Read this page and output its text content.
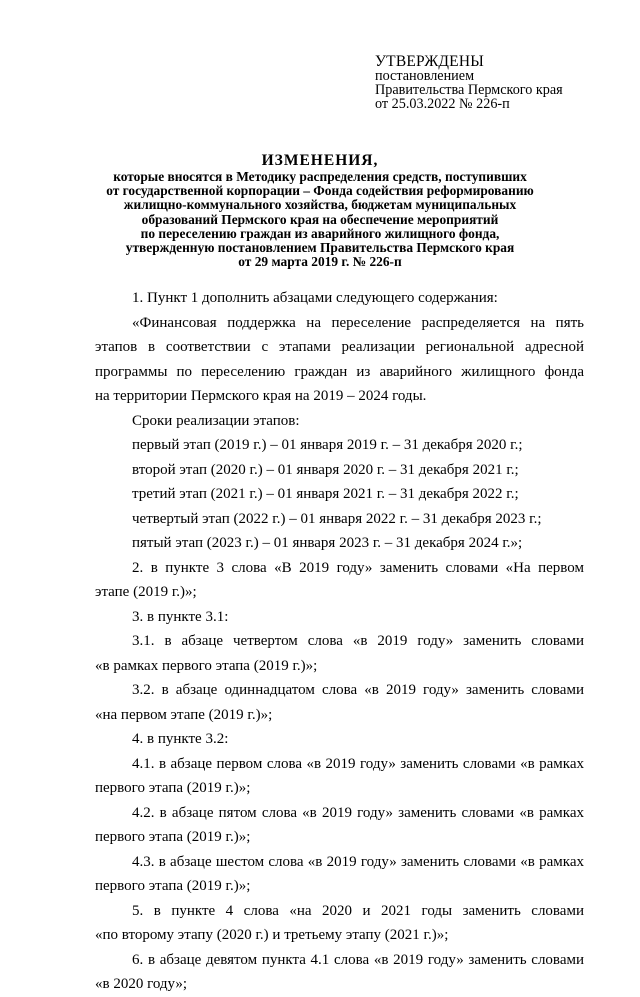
УТВЕРЖДЕНЫ
постановлением
Правительства Пермского края
от 25.03.2022 № 226-п
ИЗМЕНЕНИЯ,
которые вносятся в Методику распределения средств, поступивших
от государственной корпорации – Фонда содействия реформированию
жилищно-коммунального хозяйства, бюджетам муниципальных
образований Пермского края на обеспечение мероприятий
по переселению граждан из аварийного жилищного фонда,
утвержденную постановлением Правительства Пермского края
от 29 марта 2019 г. № 226-п
1. Пункт 1 дополнить абзацами следующего содержания:
«Финансовая поддержка на переселение распределяется на пять
этапов в соответствии с этапами реализации региональной адресной
программы по переселению граждан из аварийного жилищного фонда
на территории Пермского края на 2019 – 2024 годы.
Сроки реализации этапов:
первый этап (2019 г.) – 01 января 2019 г. – 31 декабря 2020 г.;
второй этап (2020 г.) – 01 января 2020 г. – 31 декабря 2021 г.;
третий этап (2021 г.) – 01 января 2021 г. – 31 декабря 2022 г.;
четвертый этап (2022 г.) – 01 января 2022 г. – 31 декабря 2023 г.;
пятый этап (2023 г.) – 01 января 2023 г. – 31 декабря 2024 г.»;
2. в пункте 3 слова «В 2019 году» заменить словами «На первом
этапе (2019 г.)»;
3. в пункте 3.1:
3.1. в абзаце четвертом слова «в 2019 году» заменить словами
«в рамках первого этапа (2019 г.)»;
3.2. в абзаце одиннадцатом слова «в 2019 году» заменить словами
«на первом этапе (2019 г.)»;
4. в пункте 3.2:
4.1. в абзаце первом слова «в 2019 году» заменить словами «в рамках
первого этапа (2019 г.)»;
4.2. в абзаце пятом слова «в 2019 году» заменить словами «в рамках
первого этапа (2019 г.)»;
4.3. в абзаце шестом слова «в 2019 году» заменить словами «в рамках
первого этапа (2019 г.)»;
5. в пункте 4 слова «на 2020 и 2021 годы заменить словами
«по второму этапу (2020 г.) и третьему этапу (2021 г.)»;
6. в абзаце девятом пункта 4.1 слова «в 2019 году» заменить словами
«в 2020 году»;
